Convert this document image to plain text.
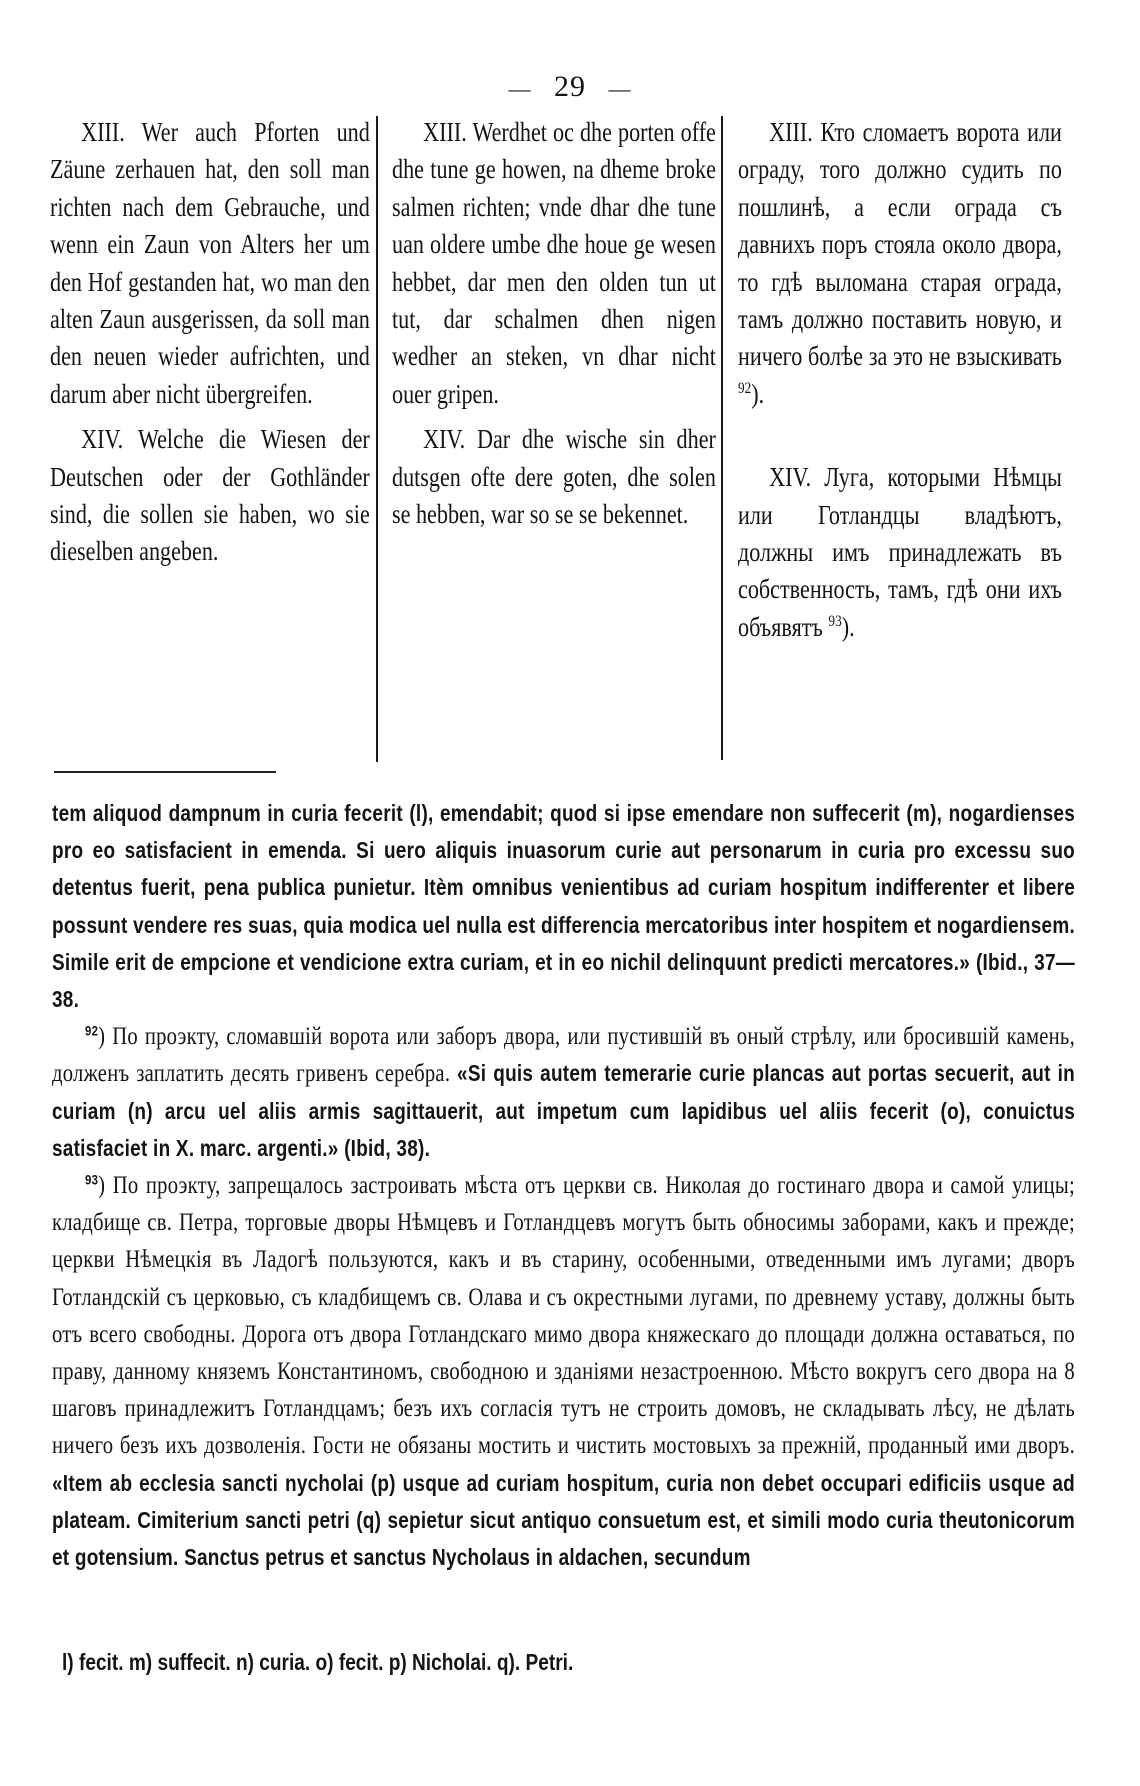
— 29 —

XIII. Wer auch Pforten und Zäune zerhauen hat, den soll man richten nach dem Gebrauche, und wenn ein Zaun von Alters her um den Hof gestanden hat, wo man den alten Zaun ausgerissen, da soll man den neuen wieder aufrichten, und darum aber nicht übergreifen.

XIV. Welche die Wiesen der Deutschen oder der Gothländer sind, die sollen sie haben, wo sie dieselben angeben.

XIII. Werdhet oc dhe porten offe dhe tune ge howen, na dheme broke salmen richten; vnde dhar dhe tune uan oldere umbe dhe houe ge wesen hebbet, dar men den olden tun ut tut, dar schalmen dhen nigen wedher an steken, vn dhar nicht ouer gripen.

XIV. Dar dhe wische sin dher dutsgen ofte dere goten, dhe solen se hebben, war so se se bekennet.

XIII. Кто сломаетъ ворота или ограду, того должно судить по пошлинѣ, а если ограда съ давнихъ поръ стояла около двора, то гдѣ выломана старая ограда, тамъ должно поставить новую, и ничего болѣе за это не взыскивать $^{92}$).

XIV. Луга, которыми Нѣмцы или Готландцы владѣютъ, должны имъ принадлежать въ собственность, тамъ, гдѣ они ихъ объявятъ $^{93}$).

tem aliquod dampnum in curia fecerit (l), emendabit; quod si ipse emendare non suffecerit (m), nogardienses pro eo satisfacient in emenda. Si uero aliquis inuasorum curie aut personarum in curia pro excessu suo detentus fuerit, pena publica punietur. Itèm omnibus venientibus ad curiam hospitum indifferenter et libere possunt vendere res suas, quia modica uel nulla est differencia mercatoribus inter hospitem et nogardiensem. Simile erit de empcione et vendicione extra curiam, et in eo nichil delinquunt predicti mercatores.» (Ibid., 37—38.

$^{92}$) По проэкту, сломавшій ворота или заборъ двора, или пустившій въ оный стрѣлу, или бросившій камень, долженъ заплатить десять гривенъ серебра. «Si quis autem temerarie curie plancas aut portas secuerit, aut in curiam (n) arcu uel aliis armis sagittauerit, aut impetum cum lapidibus uel aliis fecerit (o), conuictus satisfaciet in X. marc. argenti.» (Ibid, 38).

$^{93}$) По проэкту, запрещалось застроивать мѣста отъ церкви св. Николая до гостинаго двора и самой улицы; кладбище св. Петра, торговые дворы Нѣмцевъ и Готландцевъ могутъ быть обносимы заборами, какъ и прежде; церкви Нѣмецкія въ Ладогѣ пользуются, какъ и въ старину, особенными, отведенными имъ лугами; дворъ Готландскій съ церковью, съ кладбищемъ св. Олава и съ окрестными лугами, по древнему уставу, должны быть отъ всего свободны. Дорога отъ двора Готландскаго мимо двора княжескаго до площади должна оставаться, по праву, данному княземъ Константиномъ, свободною и зданіями незастроенною. Мѣсто вокругъ сего двора на 8 шаговъ принадлежитъ Готландцамъ; безъ ихъ согласія тутъ не строить домовъ, не складывать лѣсу, не дѣлать ничего безъ ихъ дозволенія. Гости не обязаны мостить и чистить мостовыхъ за прежній, проданный ими дворъ. «Item ab ecclesia sancti nycholai (p) usque ad curiam hospitum, curia non debet occupari edificiis usque ad plateam. Cimiterium sancti petri (q) sepietur sicut antiquo consuetum est, et simili modo curia theutonicorum et gotensium. Sanctus petrus et sanctus Nycholaus in aldachen, secundum

l) fecit. m) suffecit. n) curia. o) fecit. p) Nicholai. q). Petri.
